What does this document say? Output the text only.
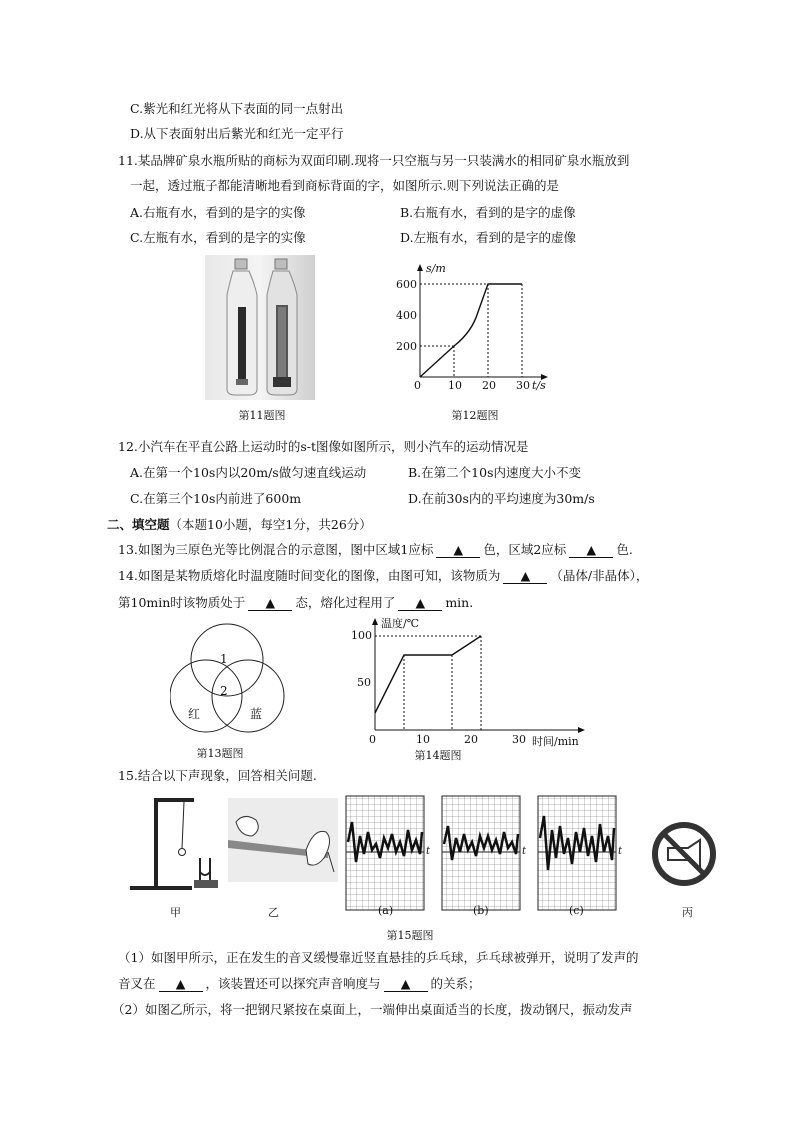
C.紫光和红光将从下表面的同一点射出
D.从下表面射出后紫光和红光一定平行
11.某品牌矿泉水瓶所贴的商标为双面印刷.现将一只空瓶与另一只装满水的相同矿泉水瓶放到
一起，透过瓶子都能清晰地看到商标背面的字，如图所示.则下列说法正确的是
A.右瓶有水，看到的是字的实像	B.右瓶有水，看到的是字的虚像
C.左瓶有水，看到的是字的实像	D.左瓶有水，看到的是字的虚像
第11题图
s/m
600
400
200
0 10 20 30 t/s
第12题图
12.小汽车在平直公路上运动时的s-t图像如图所示，则小汽车的运动情况是
A.在第一个10s内以20m/s做匀速直线运动	B.在第二个10s内速度大小不变
C.在第三个10s内前进了600m	D.在前30s内的平均速度为30m/s
二、填空题（本题10小题，每空1分，共26分）
13.如图为三原色光等比例混合的示意图，图中区域1应标 ▲ 色，区域2应标 ▲ 色.
14.如图是某物质熔化时温度随时间变化的图像，由图可知，该物质为 ▲ （晶体/非晶体），
第10min时该物质处于 ▲ 态，熔化过程用了 ▲ min.
1
2
红	蓝
第13题图
温度/℃
100
50
0	10	20	30 时间/min
第14题图
15.结合以下声现象，回答相关问题.
甲	乙	(a)	(b)	(c)	丙
t	t	t
第15题图
（1）如图甲所示，正在发生的音叉缓慢靠近竖直悬挂的乒乓球，乒乓球被弹开，说明了发声的
音叉在 ▲ ，该装置还可以探究声音响度与 ▲ 的关系；
（2）如图乙所示，将一把钢尺紧按在桌面上，一端伸出桌面适当的长度，拨动钢尺，振动发声
